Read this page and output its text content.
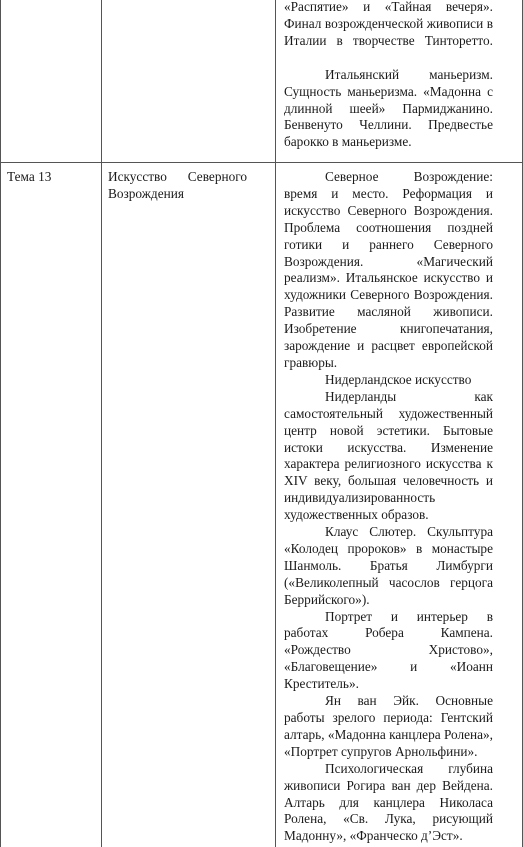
«Распятие» и «Тайная вечеря». Финал возрожденческой живописи в Италии в творчестве Тинторетто.

Итальянский маньеризм. Сущность маньеризма. «Мадонна с длинной шеей» Пармиджанино. Бенвенуто Челлини. Предвестье барокко в маньеризме.

Тема 13	Искусство Северного Возрождения

Северное Возрождение: время и место. Реформация и искусство Северного Возрождения. Проблема соотношения поздней готики и раннего Северного Возрождения. «Магический реализм». Итальянское искусство и художники Северного Возрождения. Развитие масляной живописи. Изобретение книгопечатания, зарождение и расцвет европейской гравюры.

Нидерландское искусство

Нидерланды как самостоятельный художественный центр новой эстетики. Бытовые истоки искусства. Изменение характера религиозного искусства к XIV веку, большая человечность и индивидуализированность художественных образов.

Клаус Слютер. Скульптура «Колодец пророков» в монастыре Шанмоль. Братья Лимбурги («Великолепный часослов герцога Беррийского»).

Портрет и интерьер в работах Робера Кампена. «Рождество Христово», «Благовещение» и «Иоанн Креститель».

Ян ван Эйк. Основные работы зрелого периода: Гентский алтарь, «Мадонна канцлера Ролена», «Портрет супругов Арнольфини».

Психологическая глубина живописи Рогира ван дер Вейдена. Алтарь для канцлера Николаса Ролена, «Св. Лука, рисующий Мадонну», «Франческо д’Эст».
